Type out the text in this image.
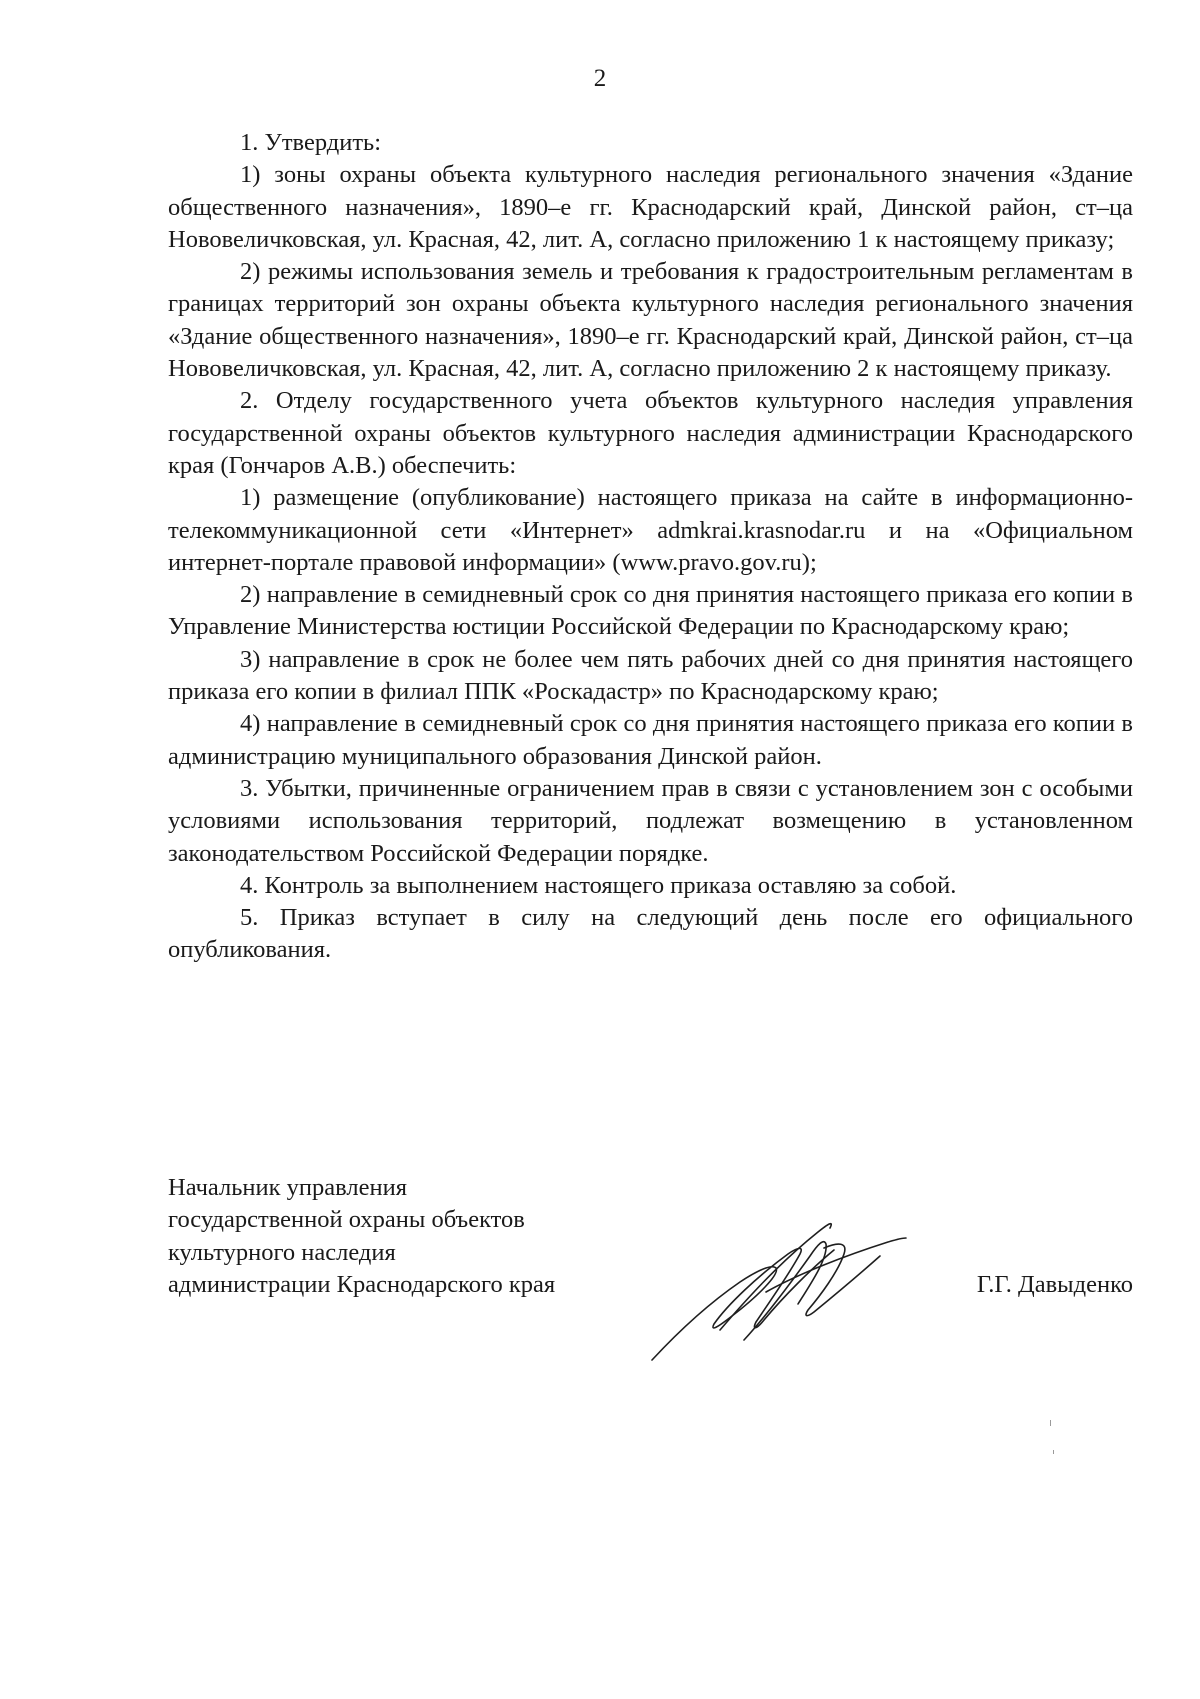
2

1. Утвердить:

1) зоны охраны объекта культурного наследия регионального значения «Здание общественного назначения», 1890–е гг. Краснодарский край, Динской район, ст–ца Нововеличковская, ул. Красная, 42, лит. А, согласно приложению 1 к настоящему приказу;

2) режимы использования земель и требования к градостроительным регламентам в границах территорий зон охраны объекта культурного наследия регионального значения «Здание общественного назначения», 1890–е гг. Краснодарский край, Динской район, ст–ца Нововеличковская, ул. Красная, 42, лит. А, согласно приложению 2 к настоящему приказу.

2. Отделу государственного учета объектов культурного наследия управления государственной охраны объектов культурного наследия администрации Краснодарского края (Гончаров А.В.) обеспечить:

1) размещение (опубликование) настоящего приказа на сайте в информационно-телекоммуникационной сети «Интернет» admkrai.krasnodar.ru и на «Официальном интернет-портале правовой информации» (www.pravo.gov.ru);

2) направление в семидневный срок со дня принятия настоящего приказа его копии в Управление Министерства юстиции Российской Федерации по Краснодарскому краю;

3) направление в срок не более чем пять рабочих дней со дня принятия настоящего приказа его копии в филиал ППК «Роскадастр» по Краснодарскому краю;

4) направление в семидневный срок со дня принятия настоящего приказа его копии в администрацию муниципального образования Динской район.

3. Убытки, причиненные ограничением прав в связи с установлением зон с особыми условиями использования территорий, подлежат возмещению в установленном законодательством Российской Федерации порядке.

4. Контроль за выполнением настоящего приказа оставляю за собой.

5. Приказ вступает в силу на следующий день после его официального опубликования.

Начальник управления
государственной охраны объектов
культурного наследия
администрации Краснодарского края	Г.Г. Давыденко
